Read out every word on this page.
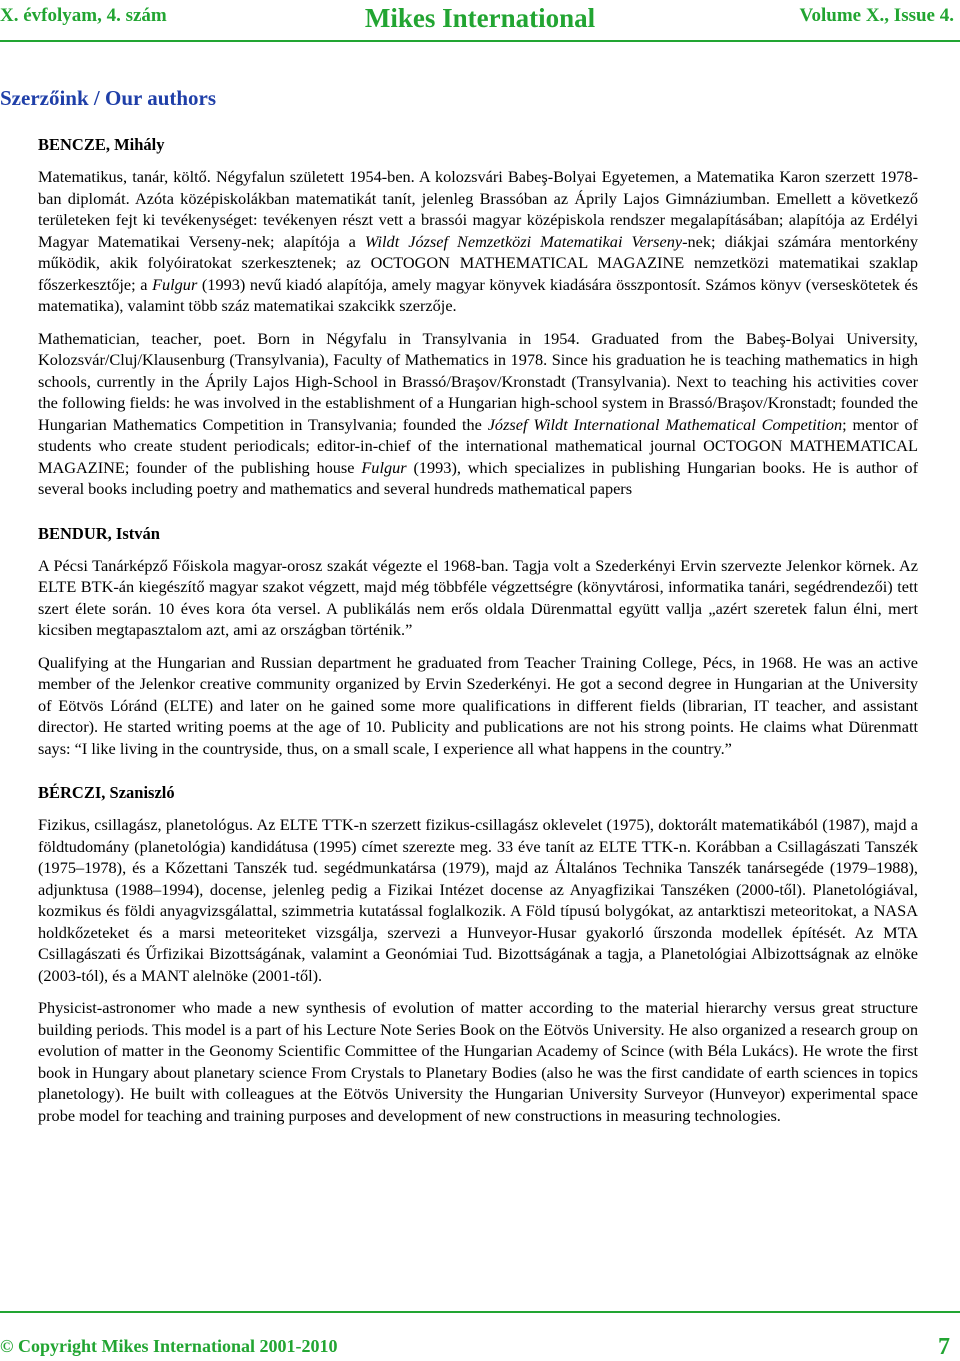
X. évfolyam, 4. szám	Mikes International	Volume X., Issue 4.
Szerzőink / Our authors
BENCZE, Mihály

Matematikus, tanár, költő. Négyfalun született 1954-ben. A kolozsvári Babeş-Bolyai Egyetemen, a Matematika Karon szerzett 1978-ban diplomát. Azóta középiskolákban matematikát tanít, jelenleg Brassóban az Áprily Lajos Gimnáziumban. Emellett a következő területeken fejt ki tevékenységet: tevékenyen részt vett a brassói magyar középiskola rendszer megalapításában; alapítója az Erdélyi Magyar Matematikai Verseny-nek; alapítója a Wildt József Nemzetközi Matematikai Verseny-nek; diákjai számára mentorkény működik, akik folyóiratokat szerkesztenek; az OCTOGON MATHEMATICAL MAGAZINE nemzetközi matematikai szaklap főszerkesztője; a Fulgur (1993) nevű kiadó alapítója, amely magyar könyvek kiadására összpontosít. Számos könyv (verseskötetek és matematika), valamint több száz matematikai szakcikk szerzője.

Mathematician, teacher, poet. Born in Négyfalu in Transylvania in 1954. Graduated from the Babeş-Bolyai University, Kolozsvár/Cluj/Klausenburg (Transylvania), Faculty of Mathematics in 1978. Since his graduation he is teaching mathematics in high schools, currently in the Áprily Lajos High-School in Brassó/Braşov/Kronstadt (Transylvania). Next to teaching his activities cover the following fields: he was involved in the establishment of a Hungarian high-school system in Brassó/Braşov/Kronstadt; founded the Hungarian Mathematics Competition in Transylvania; founded the József Wildt International Mathematical Competition; mentor of students who create student periodicals; editor-in-chief of the international mathematical journal OCTOGON MATHEMATICAL MAGAZINE; founder of the publishing house Fulgur (1993), which specializes in publishing Hungarian books. He is author of several books including poetry and mathematics and several hundreds mathematical papers

BENDUR, István

A Pécsi Tanárképző Főiskola magyar-orosz szakát végezte el 1968-ban. Tagja volt a Szederkényi Ervin szervezte Jelenkor körnek. Az ELTE BTK-án kiegészítő magyar szakot végzett, majd még többféle végzettségre (könyvtárosi, informatika tanári, segédrendezői) tett szert élete során. 10 éves kora óta versel. A publikálás nem erős oldala Dürenmattal együtt vallja „azért szeretek falun élni, mert kicsiben megtapasztalom azt, ami az országban történik.”

Qualifying at the Hungarian and Russian department he graduated from Teacher Training College, Pécs, in 1968. He was an active member of the Jelenkor creative community organized by Ervin Szederkényi. He got a second degree in Hungarian at the University of Eötvös Lóránd (ELTE) and later on he gained some more qualifications in different fields (librarian, IT teacher, and assistant director). He started writing poems at the age of 10. Publicity and publications are not his strong points. He claims what Dürenmatt says: “I like living in the countryside, thus, on a small scale, I experience all what happens in the country.”

BÉRCZI, Szaniszló

Fizikus, csillagász, planetológus. Az ELTE TTK-n szerzett fizikus-csillagász oklevelet (1975), doktorált matematikából (1987), majd a földtudomány (planetológia) kandidátusa (1995) címet szerezte meg. 33 éve tanít az ELTE TTK-n. Korábban a Csillagászati Tanszék (1975–1978), és a Kőzettani Tanszék tud. segédmunkatársa (1979), majd az Általános Technika Tanszék tanársegéde (1979–1988), adjunktusa (1988–1994), docense, jelenleg pedig a Fizikai Intézet docense az Anyagfizikai Tanszéken (2000-től). Planetológiával, kozmikus és földi anyagvizsgálattal, szimmetria kutatással foglalkozik. A Föld típusú bolygókat, az antarktiszi meteoritokat, a NASA holdkőzeteket és a marsi meteoriteket vizsgálja, szervezi a Hunveyor-Husar gyakorló űrszonda modellek építését. Az MTA Csillagászati és Űrfizikai Bizottságának, valamint a Geonómiai Tud. Bizottságának a tagja, a Planetológiai Albizottságnak az elnöke (2003-tól), és a MANT alelnöke (2001-től).

Physicist-astronomer who made a new synthesis of evolution of matter according to the material hierarchy versus great structure building periods. This model is a part of his Lecture Note Series Book on the Eötvös University. He also organized a research group on evolution of matter in the Geonomy Scientific Committee of the Hungarian Academy of Scince (with Béla Lukács). He wrote the first book in Hungary about planetary science From Crystals to Planetary Bodies (also he was the first candidate of earth sciences in topics planetology). He built with colleagues at the Eötvös University the Hungarian University Surveyor (Hunveyor) experimental space probe model for teaching and training purposes and development of new constructions in measuring technologies.

© Copyright Mikes International 2001-2010	7
